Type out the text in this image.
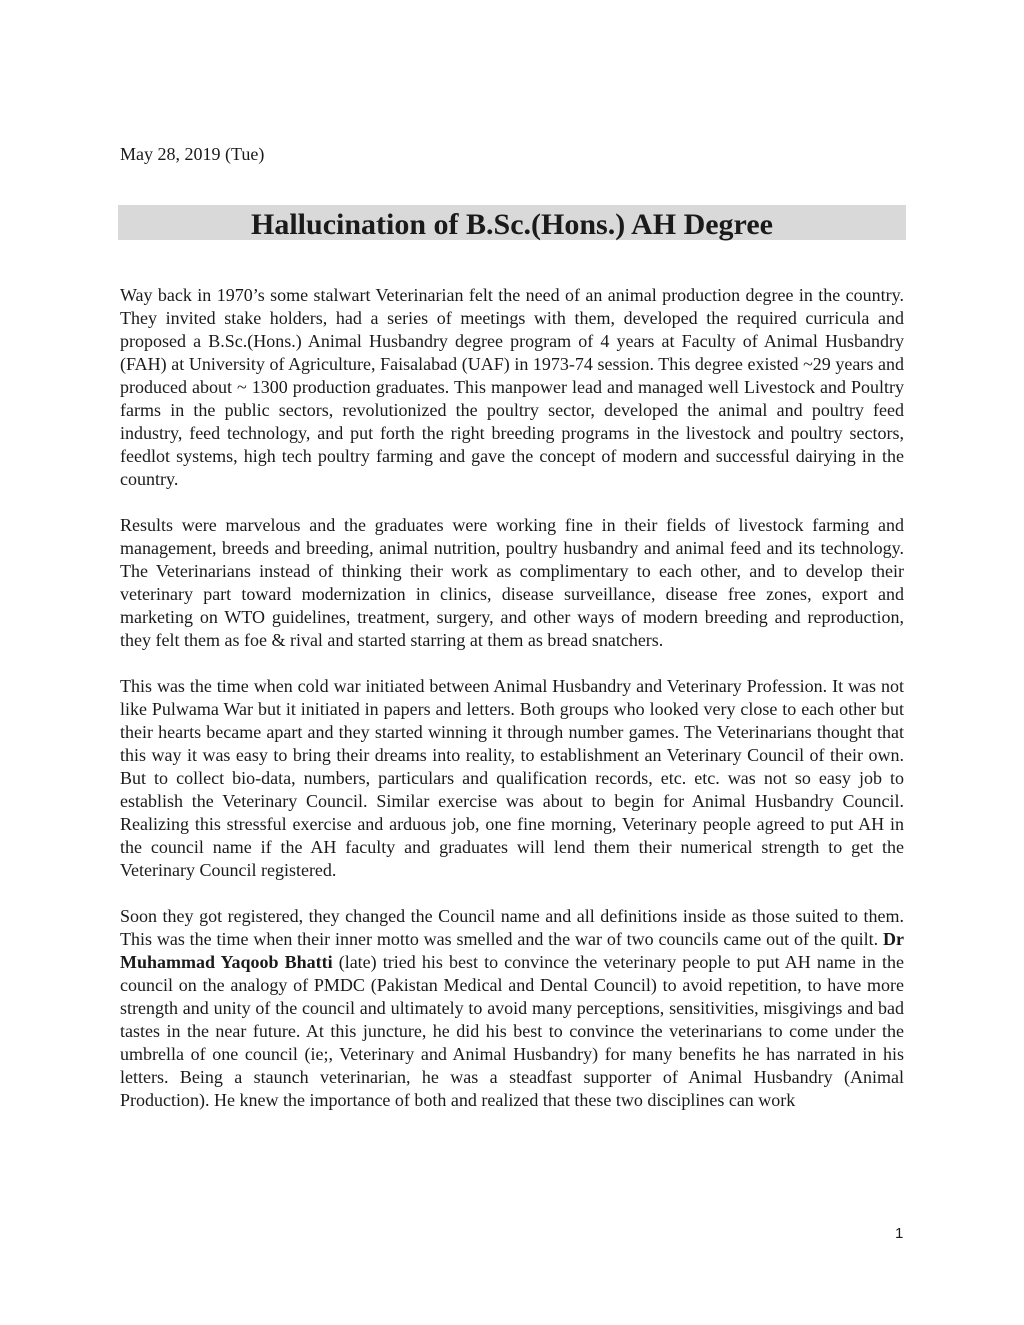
May 28, 2019 (Tue)
Hallucination of B.Sc.(Hons.) AH Degree

Way back in 1970’s some stalwart Veterinarian felt the need of an animal production degree in the country. They invited stake holders, had a series of meetings with them, developed the required curricula and proposed a B.Sc.(Hons.) Animal Husbandry degree program of 4 years at Faculty of Animal Husbandry (FAH) at University of Agriculture, Faisalabad (UAF) in 1973-74 session. This degree existed ~29 years and produced about ~ 1300 production graduates. This manpower lead and managed well Livestock and Poultry farms in the public sectors, revolutionized the poultry sector, developed the animal and poultry feed industry, feed technology, and put forth the right breeding programs in the livestock and poultry sectors, feedlot systems, high tech poultry farming and gave the concept of modern and successful dairying in the country.

Results were marvelous and the graduates were working fine in their fields of livestock farming and management, breeds and breeding, animal nutrition, poultry husbandry and animal feed and its technology. The Veterinarians instead of thinking their work as complimentary to each other, and to develop their veterinary part toward modernization in clinics, disease surveillance, disease free zones, export and marketing on WTO guidelines, treatment, surgery, and other ways of modern breeding and reproduction, they felt them as foe & rival and started starring at them as bread snatchers.

This was the time when cold war initiated between Animal Husbandry and Veterinary Profession. It was not like Pulwama War but it initiated in papers and letters. Both groups who looked very close to each other but their hearts became apart and they started winning it through number games. The Veterinarians thought that this way it was easy to bring their dreams into reality, to establishment an Veterinary Council of their own. But to collect bio-data, numbers, particulars and qualification records, etc. etc. was not so easy job to establish the Veterinary Council. Similar exercise was about to begin for Animal Husbandry Council. Realizing this stressful exercise and arduous job, one fine morning, Veterinary people agreed to put AH in the council name if the AH faculty and graduates will lend them their numerical strength to get the Veterinary Council registered.

Soon they got registered, they changed the Council name and all definitions inside as those suited to them. This was the time when their inner motto was smelled and the war of two councils came out of the quilt. Dr Muhammad Yaqoob Bhatti (late) tried his best to convince the veterinary people to put AH name in the council on the analogy of PMDC (Pakistan Medical and Dental Council) to avoid repetition, to have more strength and unity of the council and ultimately to avoid many perceptions, sensitivities, misgivings and bad tastes in the near future. At this juncture, he did his best to convince the veterinarians to come under the umbrella of one council (ie;, Veterinary and Animal Husbandry) for many benefits he has narrated in his letters. Being a staunch veterinarian, he was a steadfast supporter of Animal Husbandry (Animal Production). He knew the importance of both and realized that these two disciplines can work

1
